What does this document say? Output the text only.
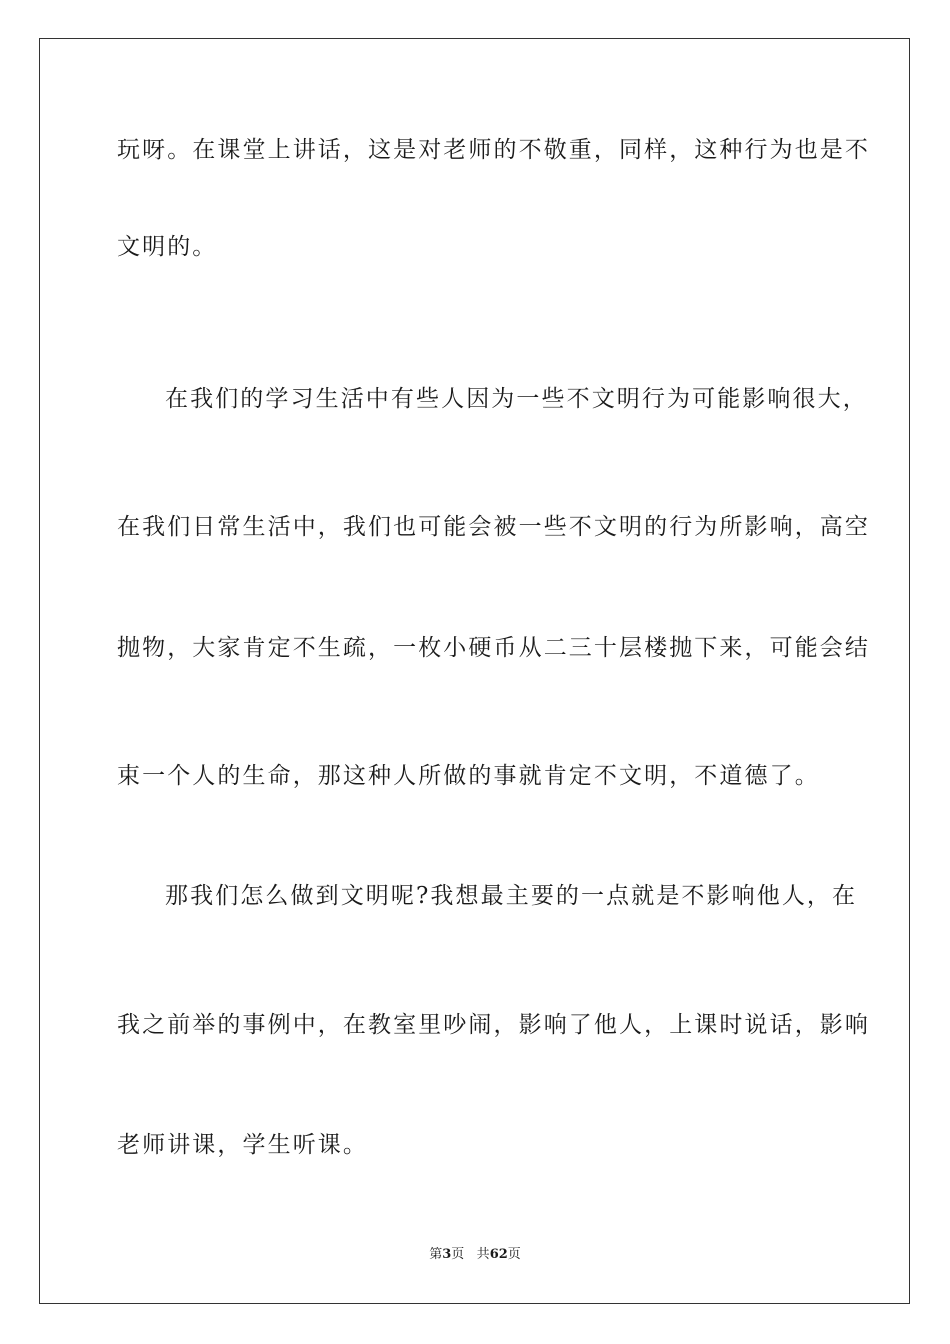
玩呀。在课堂上讲话，这是对老师的不敬重，同样，这种行为也是不
文明的。
在我们的学习生活中有些人因为一些不文明行为可能影响很大，
在我们日常生活中，我们也可能会被一些不文明的行为所影响，高空
抛物，大家肯定不生疏，一枚小硬币从二三十层楼抛下来，可能会结
束一个人的生命，那这种人所做的事就肯定不文明，不道德了。
那我们怎么做到文明呢?我想最主要的一点就是不影响他人，在
我之前举的事例中，在教室里吵闹，影响了他人，上课时说话，影响
老师讲课，学生听课。
第3页 共62页
